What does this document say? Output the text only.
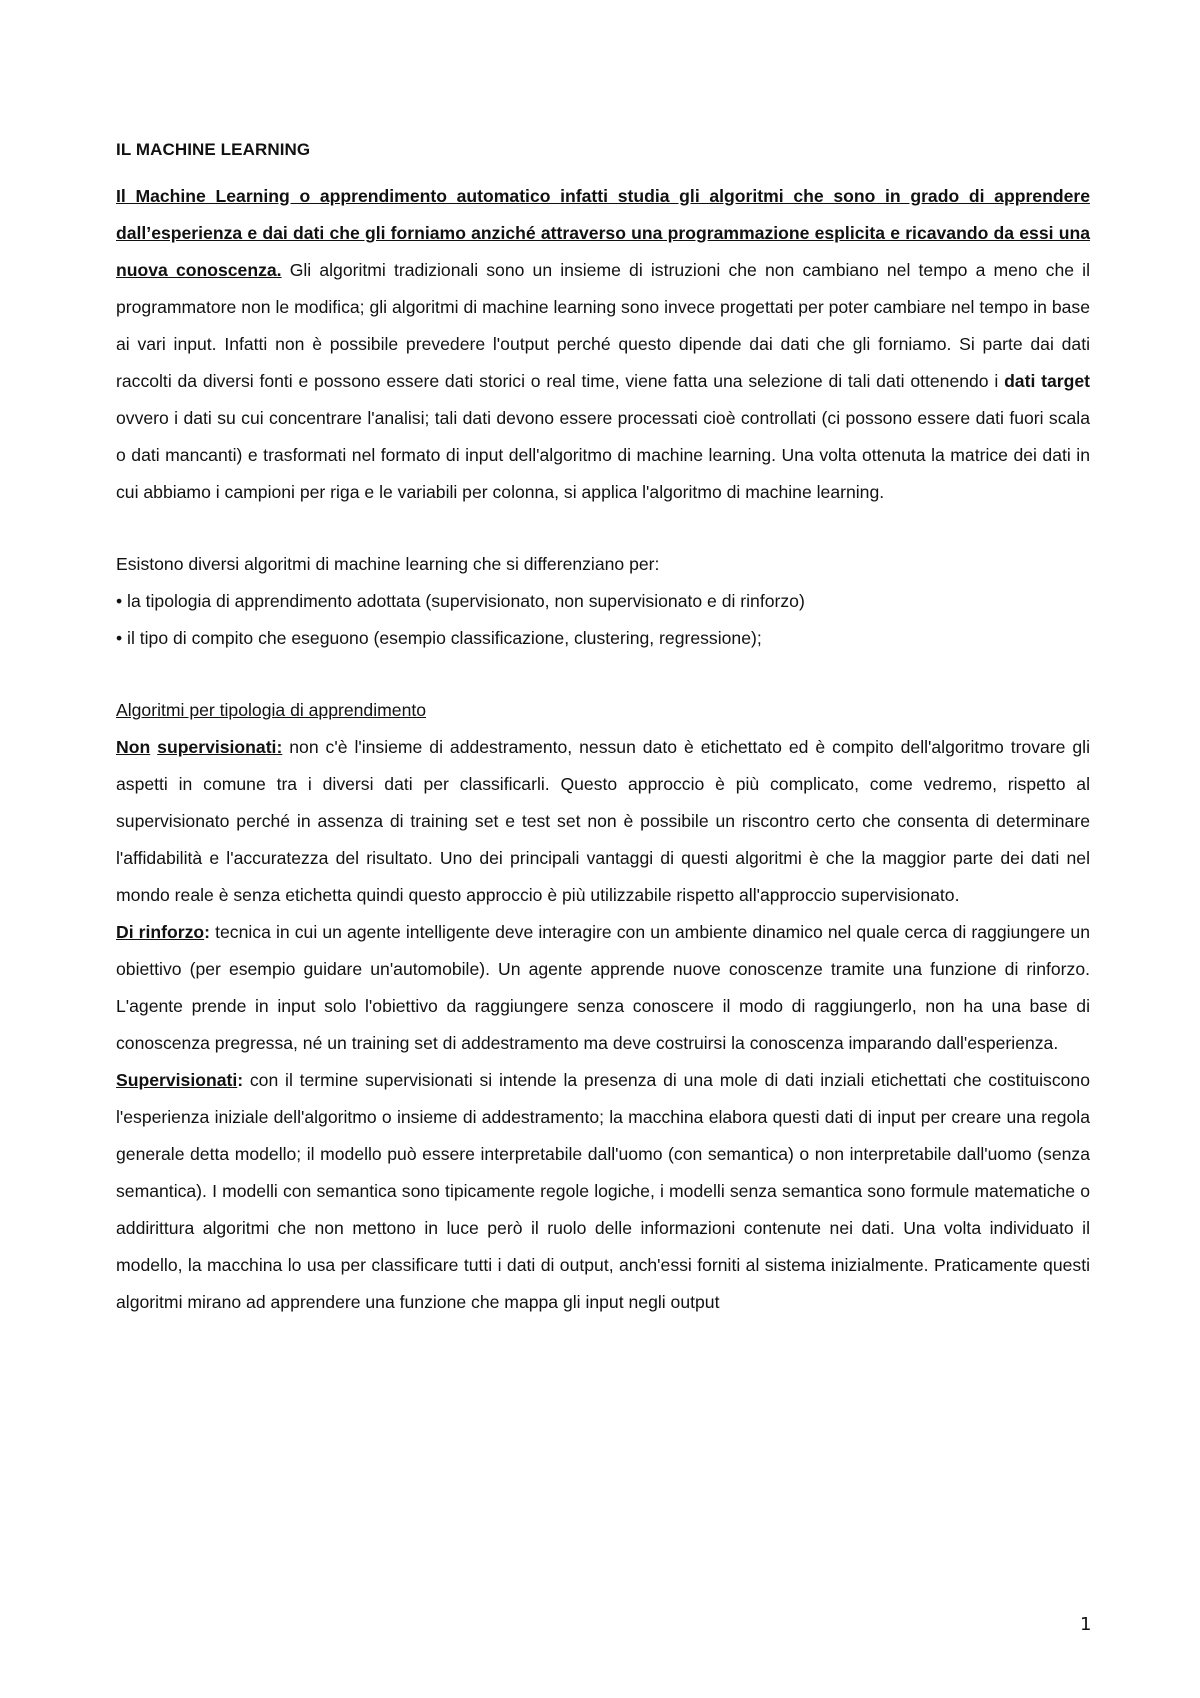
IL MACHINE LEARNING

Il Machine Learning o apprendimento automatico infatti studia gli algoritmi che sono in grado di apprendere dall’esperienza e dai dati che gli forniamo anziché attraverso una programmazione esplicita e ricavando da essi una nuova conoscenza. Gli algoritmi tradizionali sono un insieme di istruzioni che non cambiano nel tempo a meno che il programmatore non le modifica; gli algoritmi di machine learning sono invece progettati per poter cambiare nel tempo in base ai vari input. Infatti non è possibile prevedere l'output perché questo dipende dai dati che gli forniamo. Si parte dai dati raccolti da diversi fonti e possono essere dati storici o real time, viene fatta una selezione di tali dati ottenendo i dati target ovvero i dati su cui concentrare l'analisi; tali dati devono essere processati cioè controllati (ci possono essere dati fuori scala o dati mancanti) e trasformati nel formato di input dell'algoritmo di machine learning. Una volta ottenuta la matrice dei dati in cui abbiamo i campioni per riga e le variabili per colonna, si applica l'algoritmo di machine learning.

Esistono diversi algoritmi di machine learning che si differenziano per:

• la tipologia di apprendimento adottata (supervisionato, non supervisionato e di rinforzo)

• il tipo di compito che eseguono (esempio classificazione, clustering, regressione);

Algoritmi per tipologia di apprendimento

Non supervisionati: non c'è l'insieme di addestramento, nessun dato è etichettato ed è compito dell'algoritmo trovare gli aspetti in comune tra i diversi dati per classificarli. Questo approccio è più complicato, come vedremo, rispetto al supervisionato perché in assenza di training set e test set non è possibile un riscontro certo che consenta di determinare l'affidabilità e l'accuratezza del risultato. Uno dei principali vantaggi di questi algoritmi è che la maggior parte dei dati nel mondo reale è senza etichetta quindi questo approccio è più utilizzabile rispetto all'approccio supervisionato.

Di rinforzo: tecnica in cui un agente intelligente deve interagire con un ambiente dinamico nel quale cerca di raggiungere un obiettivo (per esempio guidare un'automobile). Un agente apprende nuove conoscenze tramite una funzione di rinforzo. L'agente prende in input solo l'obiettivo da raggiungere senza conoscere il modo di raggiungerlo, non ha una base di conoscenza pregressa, né un training set di addestramento ma deve costruirsi la conoscenza imparando dall'esperienza.

Supervisionati: con il termine supervisionati si intende la presenza di una mole di dati inziali etichettati che costituiscono l'esperienza iniziale dell'algoritmo o insieme di addestramento; la macchina elabora questi dati di input per creare una regola generale detta modello; il modello può essere interpretabile dall'uomo (con semantica) o non interpretabile dall'uomo (senza semantica). I modelli con semantica sono tipicamente regole logiche, i modelli senza semantica sono formule matematiche o addirittura algoritmi che non mettono in luce però il ruolo delle informazioni contenute nei dati. Una volta individuato il modello, la macchina lo usa per classificare tutti i dati di output, anch'essi forniti al sistema inizialmente. Praticamente questi algoritmi mirano ad apprendere una funzione che mappa gli input negli output

1
